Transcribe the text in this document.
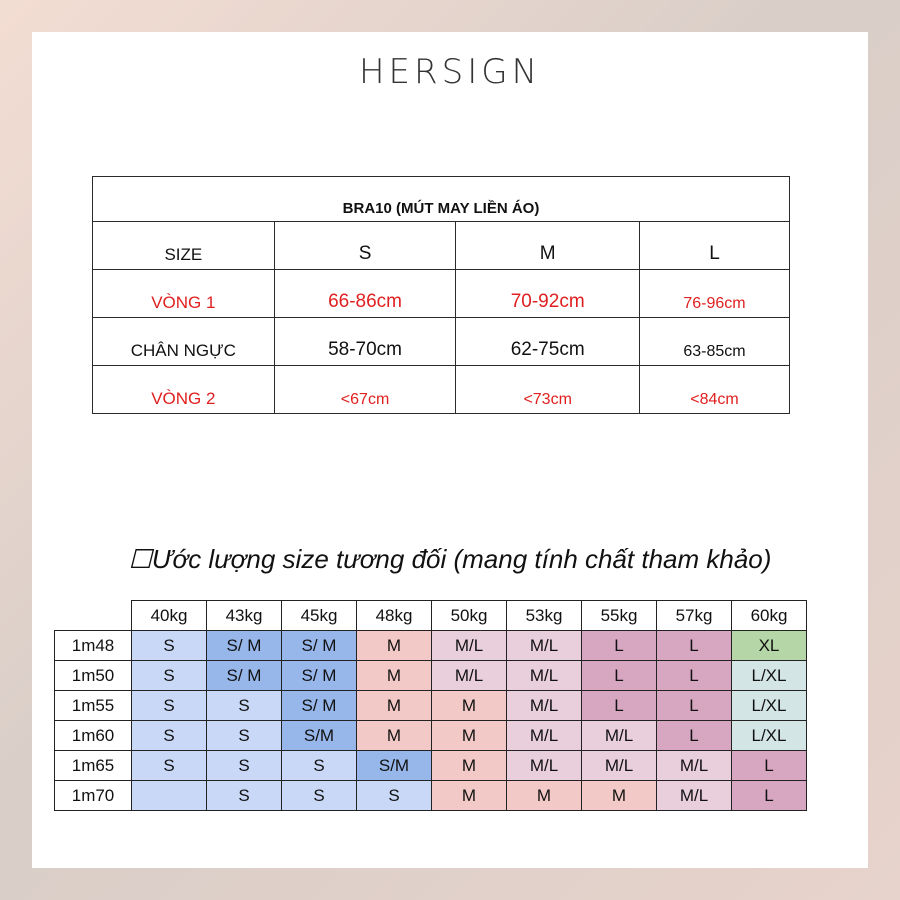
HERSIGN
BRA10 (MÚT MAY LIỀN ÁO)			
SIZE	S	M	L
VÒNG 1	66-86cm	70-92cm	76-96cm
CHÂN NGỰC	58-70cm	62-75cm	63-85cm
VÒNG 2	<67cm	<73cm	<84cm
☐Ước lượng size tương đối (mang tính chất tham khảo)
	40kg	43kg	45kg	48kg	50kg	53kg	55kg	57kg	60kg
1m48	S	S/ M	S/ M	M	M/L	M/L	L	L	XL
1m50	S	S/ M	S/ M	M	M/L	M/L	L	L	L/XL
1m55	S	S	S/ M	M	M	M/L	L	L	L/XL
1m60	S	S	S/M	M	M	M/L	M/L	L	L/XL
1m65	S	S	S	S/M	M	M/L	M/L	M/L	L
1m70		S	S	S	M	M	M	M/L	L
